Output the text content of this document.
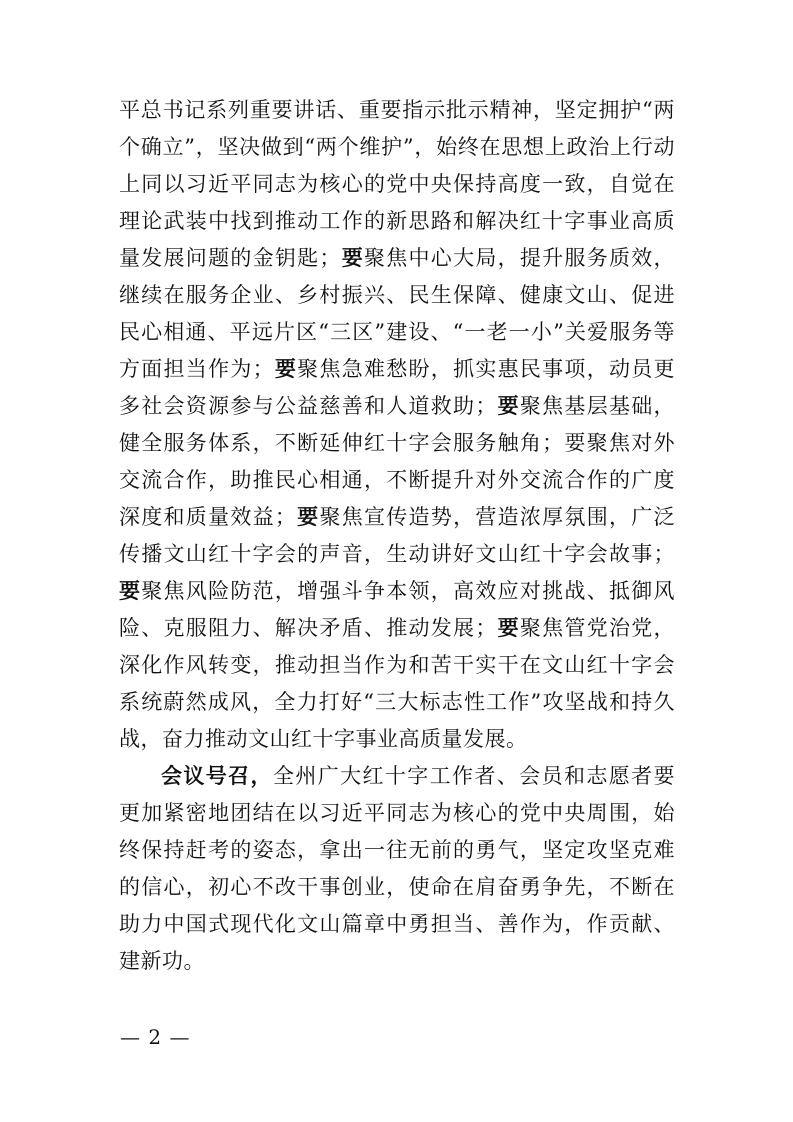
平总书记系列重要讲话、重要指示批示精神，坚定拥护“两个确立”，坚决做到“两个维护”，始终在思想上政治上行动上同以习近平同志为核心的党中央保持高度一致，自觉在理论武装中找到推动工作的新思路和解决红十字事业高质量发展问题的金钥匙；要聚焦中心大局，提升服务质效，继续在服务企业、乡村振兴、民生保障、健康文山、促进民心相通、平远片区“三区”建设、“一老一小”关爱服务等方面担当作为；要聚焦急难愁盼，抓实惠民事项，动员更多社会资源参与公益慈善和人道救助；要聚焦基层基础，健全服务体系，不断延伸红十字会服务触角；要聚焦对外交流合作，助推民心相通，不断提升对外交流合作的广度深度和质量效益；要聚焦宣传造势，营造浓厚氛围，广泛传播文山红十字会的声音，生动讲好文山红十字会故事；要聚焦风险防范，增强斗争本领，高效应对挑战、抵御风险、克服阻力、解决矛盾、推动发展；要聚焦管党治党，深化作风转变，推动担当作为和苦干实干在文山红十字会系统蔚然成风，全力打好“三大标志性工作”攻坚战和持久战，奋力推动文山红十字事业高质量发展。

会议号召，全州广大红十字工作者、会员和志愿者要更加紧密地团结在以习近平同志为核心的党中央周围，始终保持赶考的姿态，拿出一往无前的勇气，坚定攻坚克难的信心，初心不改干事创业，使命在肩奋勇争先，不断在助力中国式现代化文山篇章中勇担当、善作为，作贡献、建新功。

— 2 —
